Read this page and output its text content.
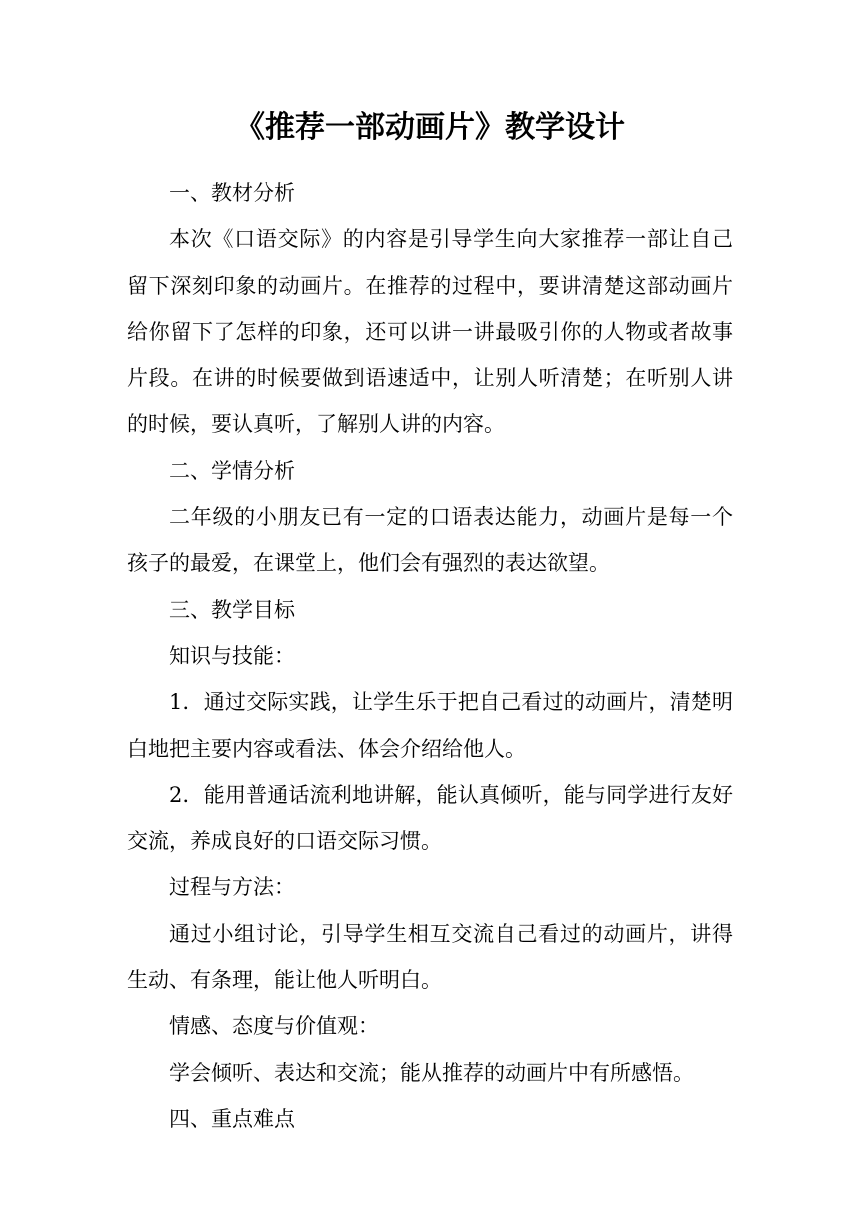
《推荐一部动画片》教学设计

一、教材分析

本次《口语交际》的内容是引导学生向大家推荐一部让自己留下深刻印象的动画片。在推荐的过程中，要讲清楚这部动画片给你留下了怎样的印象，还可以讲一讲最吸引你的人物或者故事片段。在讲的时候要做到语速适中，让别人听清楚；在听别人讲的时候，要认真听，了解别人讲的内容。

二、学情分析

二年级的小朋友已有一定的口语表达能力，动画片是每一个孩子的最爱，在课堂上，他们会有强烈的表达欲望。

三、教学目标

知识与技能：

1．通过交际实践，让学生乐于把自己看过的动画片，清楚明白地把主要内容或看法、体会介绍给他人。

2．能用普通话流利地讲解，能认真倾听，能与同学进行友好交流，养成良好的口语交际习惯。

过程与方法：

通过小组讨论，引导学生相互交流自己看过的动画片，讲得生动、有条理，能让他人听明白。

情感、态度与价值观：

学会倾听、表达和交流；能从推荐的动画片中有所感悟。

四、重点难点
